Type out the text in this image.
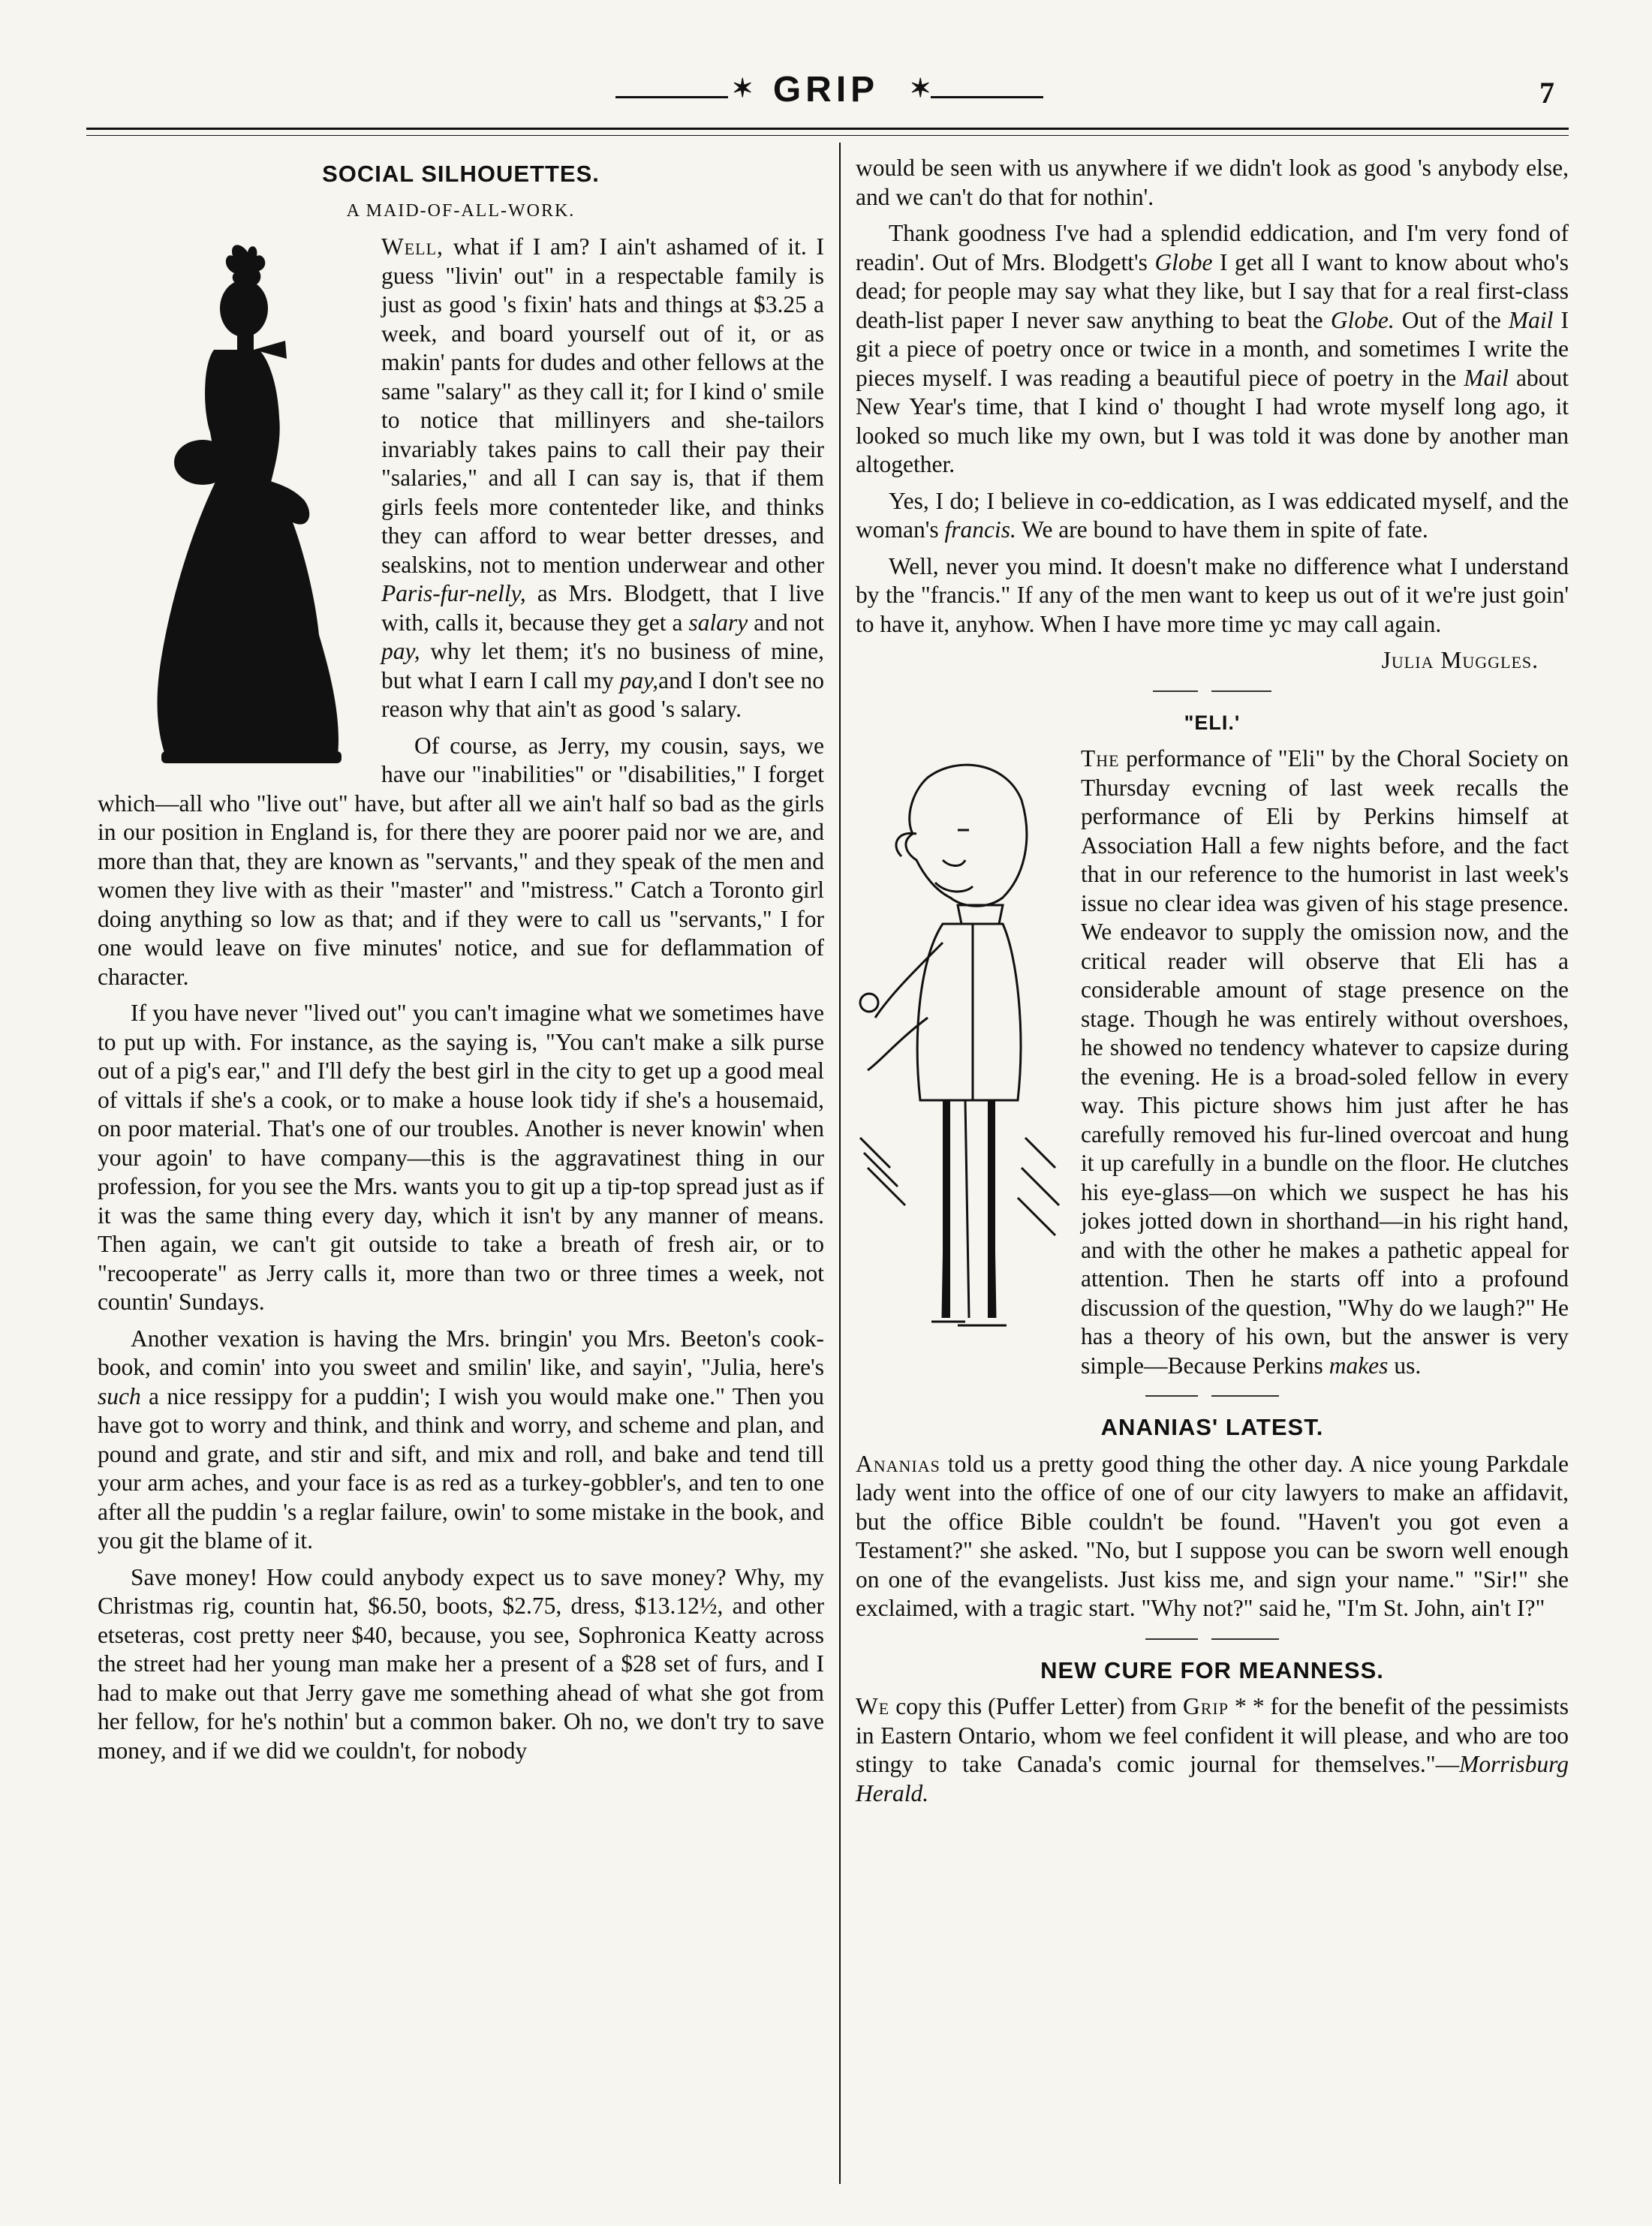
✶ GRIP	✶	7
SOCIAL SILHOUETTES.
A MAID-OF-ALL-WORK.

Well, what if I am? I ain't ashamed of it. I guess "livin' out" in a respectable family is just as good 's fixin' hats and things at $3.25 a week, and board yourself out of it, or as makin' pants for dudes and other fellows at the same "salary" as they call it; for I kind o' smile to notice that millinyers and she-tailors invariably takes pains to call their pay their "salaries," and all I can say is, that if them girls feels more contenteder like, and thinks they can afford to wear better dresses, and sealskins, not to mention underwear and other Paris-fur-nelly, as Mrs. Blodgett, that I live with, calls it, because they get a salary and not pay, why let them; it's no business of mine, but what I earn I call my pay,and I don't see no reason why that ain't as good 's salary.

Of course, as Jerry, my cousin, says, we have our "inabilities" or "disabilities," I forget which—all who "live out" have, but after all we ain't half so bad as the girls in our position in England is, for there they are poorer paid nor we are, and more than that, they are known as "servants," and they speak of the men and women they live with as their "master" and "mistress." Catch a Toronto girl doing anything so low as that; and if they were to call us "servants," I for one would leave on five minutes' notice, and sue for deflammation of character.

If you have never "lived out" you can't imagine what we sometimes have to put up with. For instance, as the saying is, "You can't make a silk purse out of a pig's ear," and I'll defy the best girl in the city to get up a good meal of vittals if she's a cook, or to make a house look tidy if she's a housemaid, on poor material. That's one of our troubles. Another is never knowin' when your agoin' to have company—this is the aggravatinest thing in our profession, for you see the Mrs. wants you to git up a tip-top spread just as if it was the same thing every day, which it isn't by any manner of means. Then again, we can't git outside to take a breath of fresh air, or to "recooperate" as Jerry calls it, more than two or three times a week, not countin' Sundays.

Another vexation is having the Mrs. bringin' you Mrs. Beeton's cook-book, and comin' into you sweet and smilin' like, and sayin', "Julia, here's such a nice ressippy for a puddin'; I wish you would make one." Then you have got to worry and think, and think and worry, and scheme and plan, and pound and grate, and stir and sift, and mix and roll, and bake and tend till your arm aches, and your face is as red as a turkey-gobbler's, and ten to one after all the puddin 's a reglar failure, owin' to some mistake in the book, and you git the blame of it.

Save money! How could anybody expect us to save money? Why, my Christmas rig, countin hat, $6.50, boots, $2.75, dress, $13.12½, and other etseteras, cost pretty neer $40, because, you see, Sophronica Keatty across the street had her young man make her a present of a $28 set of furs, and I had to make out that Jerry gave me something ahead of what she got from her fellow, for he's nothin' but a common baker. Oh no, we don't try to save money, and if we did we couldn't, for nobody

would be seen with us anywhere if we didn't look as good 's anybody else, and we can't do that for nothin'.

Thank goodness I've had a splendid eddication, and I'm very fond of readin'. Out of Mrs. Blodgett's Globe I get all I want to know about who's dead; for people may say what they like, but I say that for a real first-class death-list paper I never saw anything to beat the Globe. Out of the Mail I git a piece of poetry once or twice in a month, and sometimes I write the pieces myself. I was reading a beautiful piece of poetry in the Mail about New Year's time, that I kind o' thought I had wrote myself long ago, it looked so much like my own, but I was told it was done by another man altogether.

Yes, I do; I believe in co-eddication, as I was eddicated myself, and the woman's francis. We are bound to have them in spite of fate.

Well, never you mind. It doesn't make no difference what I understand by the "francis." If any of the men want to keep us out of it we're just goin' to have it, anyhow. When I have more time yc may call again.

Julia Muggles.
"ELI.'

The performance of "Eli" by the Choral Society on Thursday evcning of last week recalls the performance of Eli by Perkins himself at Association Hall a few nights before, and the fact that in our reference to the humorist in last week's issue no clear idea was given of his stage presence. We endeavor to supply the omission now, and the critical reader will observe that Eli has a considerable amount of stage presence on the stage. Though he was entirely without overshoes, he showed no tendency whatever to capsize during the evening. He is a broad-soled fellow in every way. This picture shows him just after he has carefully removed his fur-lined overcoat and hung it up carefully in a bundle on the floor. He clutches his eye-glass—on which we suspect he has his jokes jotted down in shorthand—in his right hand, and with the other he makes a pathetic appeal for attention. Then he starts off into a profound discussion of the question, "Why do we laugh?" He has a theory of his own, but the answer is very simple—Because Perkins makes us.

ANANIAS' LATEST.

Ananias told us a pretty good thing the other day. A nice young Parkdale lady went into the office of one of our city lawyers to make an affidavit, but the office Bible couldn't be found. "Haven't you got even a Testament?" she asked. "No, but I suppose you can be sworn well enough on one of the evangelists. Just kiss me, and sign your name." "Sir!" she exclaimed, with a tragic start. "Why not?" said he, "I'm St. John, ain't I?"

NEW CURE FOR MEANNESS.

We copy this (Puffer Letter) from Grip * * for the benefit of the pessimists in Eastern Ontario, whom we feel confident it will please, and who are too stingy to take Canada's comic journal for themselves."—Morrisburg Herald.
